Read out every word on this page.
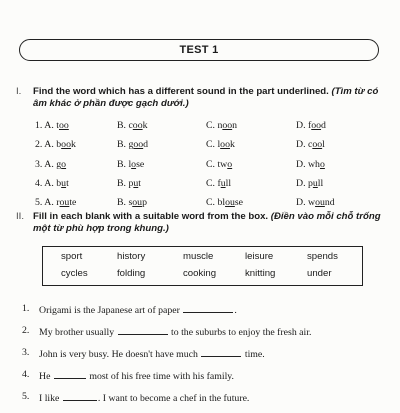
TEST 1
I. Find the word which has a different sound in the part underlined. (Tìm từ có âm khác ở phần được gạch dưới.)
1. A. too	B. cook	C. noon	D. food
2. A. book	B. good	C. look	D. cool
3. A. go	B. lose	C. two	D. who
4. A. but	B. put	C. full	D. pull
5. A. route	B. soup	C. blouse	D. wound
II. Fill in each blank with a suitable word from the box. (Điền vào mỗi chỗ trống một từ phù hợp trong khung.)
sport	history	muscle	leisure	spends
cycles	folding	cooking	knitting	under
1. Origami is the Japanese art of paper	.
2. My brother usually	to the suburbs to enjoy the fresh air.
3. John is very busy. He doesn't have much	time.
4. He	most of his free time with his family.
5. I like	. I want to become a chef in the future.
